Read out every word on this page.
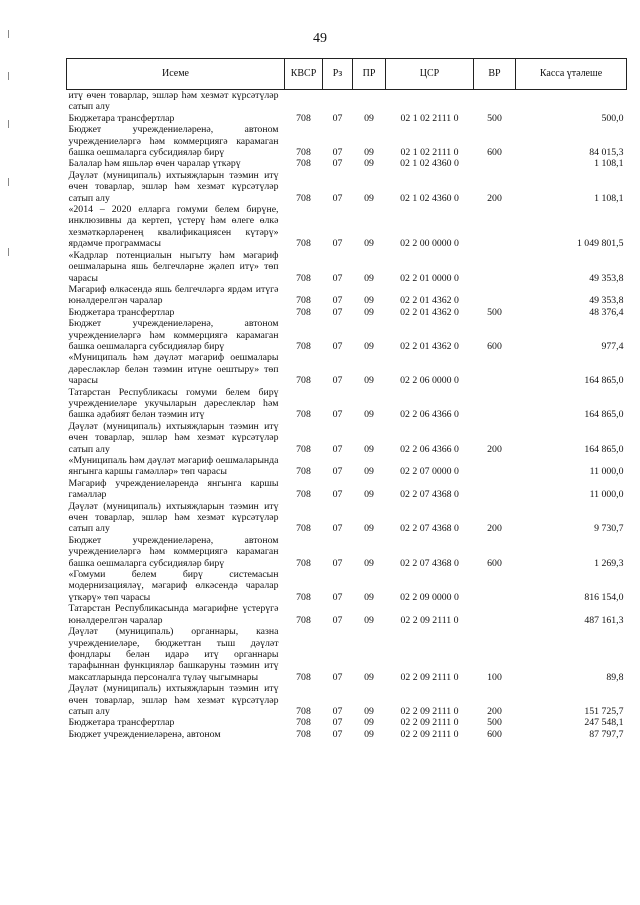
49
Исеме	КВСР	Рз	ПР	ЦСР	ВР	Касса үтәлеше
итү өчен товарлар, эшләр һәм хезмәт күрсәтүләр сатып алу						
Бюджетара трансфертлар	708	07	09	02 1 02 2111 0	500	500,0
Бюджет учреждениеләренә, автоном учреждениеләргә һәм коммерциягә карамаган башка оешмаларга субсидияләр бирү	708	07	09	02 1 02 2111 0	600	84 015,3
Балалар һәм яшьләр өчен чаралар үткәрү	708	07	09	02 1 02 4360 0		1 108,1
Дәүләт (муниципаль) ихтыяҗларын тәэмин итү өчен товарлар, эшләр һәм хезмәт күрсәтүләр сатып алу	708	07	09	02 1 02 4360 0	200	1 108,1
«2014 – 2020 елларга гомуми белем бирүне, инклюзивны да кертеп, үстерү һәм өлеге өлкә хезмәткәрләренең квалификациясен күтәрү» ярдәмче программасы	708	07	09	02 2 00 0000 0		1 049 801,5
«Кадрлар потенциалын ныгыту һәм мәгариф оешмаларына яшь белгечләрне җәлеп итү» төп чарасы	708	07	09	02 2 01 0000 0		49 353,8
Мәгариф өлкәсендә яшь белгечләргә ярдәм итүгә юнәлдерелгән чаралар	708	07	09	02 2 01 4362 0		49 353,8
Бюджетара трансфертлар	708	07	09	02 2 01 4362 0	500	48 376,4
Бюджет учреждениеләренә, автоном учреждениеләргә һәм коммерциягә карамаган башка оешмаларга субсидияләр бирү	708	07	09	02 2 01 4362 0	600	977,4
«Муниципаль һәм дәүләт мәгариф оешмалары дәресләкләр белән тәэмин итүне оештыру» төп чарасы	708	07	09	02 2 06 0000 0		164 865,0
Татарстан Республикасы гомуми белем бирү учреждениеләре укучыларын дәреслекләр һәм башка әдәбият белән тәэмин итү	708	07	09	02 2 06 4366 0		164 865,0
Дәүләт (муниципаль) ихтыяҗларын тәэмин итү өчен товарлар, эшләр һәм хезмәт күрсәтүләр сатып алу	708	07	09	02 2 06 4366 0	200	164 865,0
«Муниципаль һәм дәүләт мәгариф оешмаларында янгынга каршы гамәлләр» төп чарасы	708	07	09	02 2 07 0000 0		11 000,0
Мәгариф учреждениеләрендә янгынга каршы гамәлләр	708	07	09	02 2 07 4368 0		11 000,0
Дәүләт (муниципаль) ихтыяҗларын тәэмин итү өчен товарлар, эшләр һәм хезмәт күрсәтүләр сатып алу	708	07	09	02 2 07 4368 0	200	9 730,7
Бюджет учреждениеләренә, автоном учреждениеләргә һәм коммерциягә карамаган башка оешмаларга субсидияләр бирү	708	07	09	02 2 07 4368 0	600	1 269,3
«Гомуми белем бирү системасын модернизацияләү, мәгариф өлкәсендә чаралар үткәрү» төп чарасы	708	07	09	02 2 09 0000 0		816 154,0
Татарстан Республикасында мәгарифне үстерүгә юнәлдерелгән чаралар	708	07	09	02 2 09 2111 0		487 161,3
Дәүләт (муниципаль) органнары, казна учреждениеләре, бюджеттан тыш дәүләт фондлары белән идарә итү органнары тарафыннан функцияләр башкаруны тәэмин итү максатларында персоналга түләү чыгымнары	708	07	09	02 2 09 2111 0	100	89,8
Дәүләт (муниципаль) ихтыяҗларын тәэмин итү өчен товарлар, эшләр һәм хезмәт күрсәтүләр сатып алу	708	07	09	02 2 09 2111 0	200	151 725,7
Бюджетара трансфертлар	708	07	09	02 2 09 2111 0	500	247 548,1
Бюджет учреждениеләренә, автоном	708	07	09	02 2 09 2111 0	600	87 797,7
